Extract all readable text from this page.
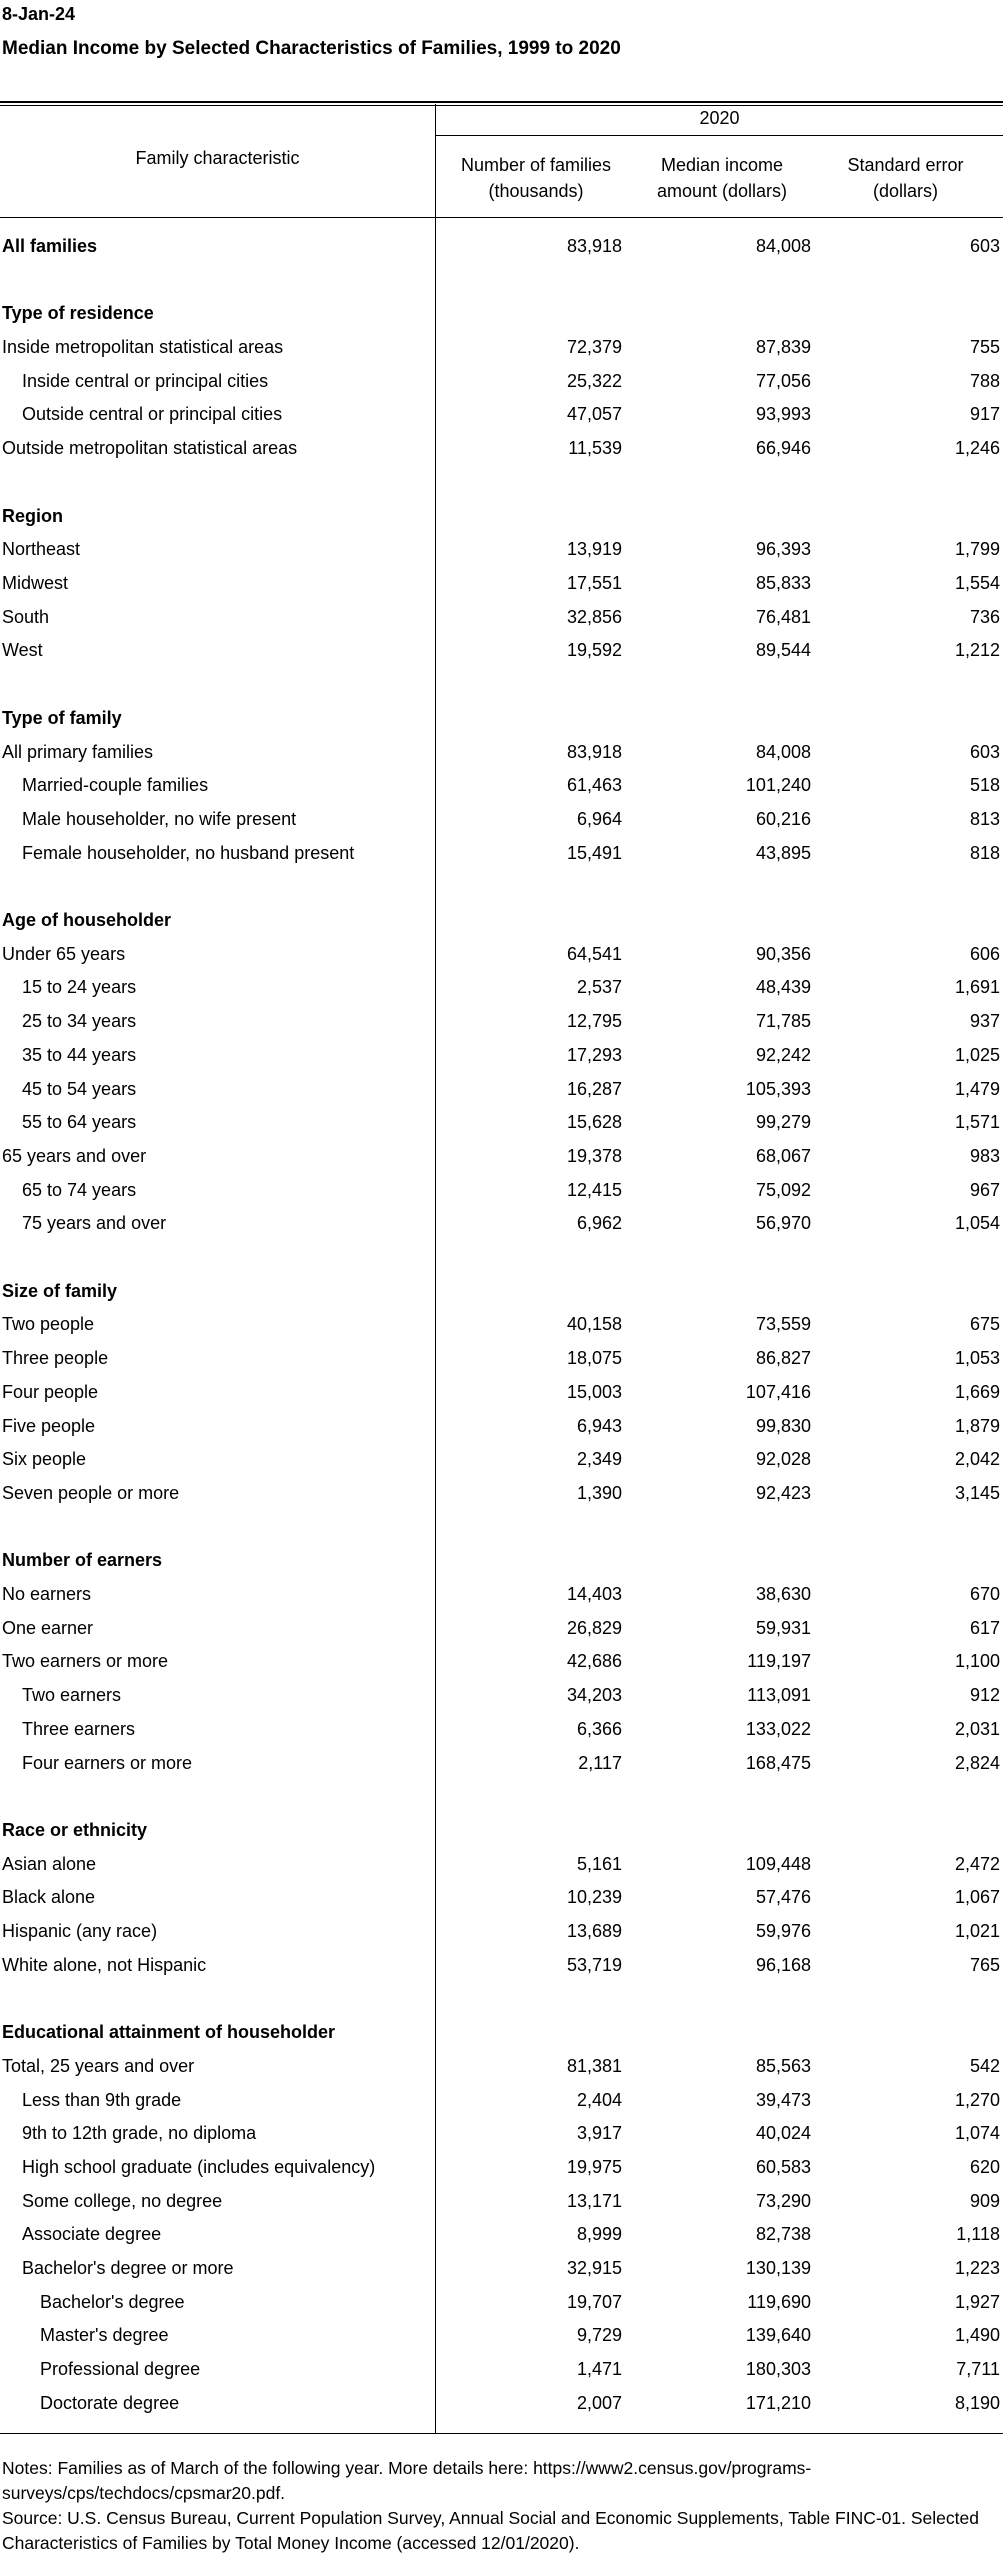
8-Jan-24
Median Income by Selected Characteristics of Families, 1999 to 2020
2020
Family characteristic	Number of families
(thousands)
Median income
amount (dollars)
Standard error
(dollars)
All families	83,918	84,008	603
Type of residence
Inside metropolitan statistical areas	72,379	87,839	755
Inside central or principal cities	25,322	77,056	788
Outside central or principal cities	47,057	93,993	917
Outside metropolitan statistical areas	11,539	66,946	1,246
Region
Northeast	13,919	96,393	1,799
Midwest	17,551	85,833	1,554
South	32,856	76,481	736
West	19,592	89,544	1,212
Type of family
All primary families	83,918	84,008	603
Married-couple families	61,463	101,240	518
Male householder, no wife present	6,964	60,216	813
Female householder, no husband present	15,491	43,895	818
Age of householder
Under 65 years	64,541	90,356	606
15 to 24 years	2,537	48,439	1,691
25 to 34 years	12,795	71,785	937
35 to 44 years	17,293	92,242	1,025
45 to 54 years	16,287	105,393	1,479
55 to 64 years	15,628	99,279	1,571
65 years and over	19,378	68,067	983
65 to 74 years	12,415	75,092	967
75 years and over	6,962	56,970	1,054
Size of family
Two people	40,158	73,559	675
Three people	18,075	86,827	1,053
Four people	15,003	107,416	1,669
Five people	6,943	99,830	1,879
Six people	2,349	92,028	2,042
Seven people or more	1,390	92,423	3,145
Number of earners
No earners	14,403	38,630	670
One earner	26,829	59,931	617
Two earners or more	42,686	119,197	1,100
Two earners	34,203	113,091	912
Three earners	6,366	133,022	2,031
Four earners or more	2,117	168,475	2,824
Race or ethnicity
Asian alone	5,161	109,448	2,472
Black alone	10,239	57,476	1,067
Hispanic (any race)	13,689	59,976	1,021
White alone, not Hispanic	53,719	96,168	765
Educational attainment of householder
Total, 25 years and over	81,381	85,563	542
Less than 9th grade	2,404	39,473	1,270
9th to 12th grade, no diploma	3,917	40,024	1,074
High school graduate (includes equivalency)	19,975	60,583	620
Some college, no degree	13,171	73,290	909
Associate degree	8,999	82,738	1,118
Bachelor's degree or more	32,915	130,139	1,223
Bachelor's degree	19,707	119,690	1,927
Master's degree	9,729	139,640	1,490
Professional degree	1,471	180,303	7,711
Doctorate degree	2,007	171,210	8,190
Notes: Families as of March of the following year. More details here: https://www2.census.gov/programs-surveys/cps/techdocs/cpsmar20.pdf.
Source: U.S. Census Bureau, Current Population Survey, Annual Social and Economic Supplements, Table FINC-01. Selected Characteristics of Families by Total Money Income (accessed 12/01/2020).
